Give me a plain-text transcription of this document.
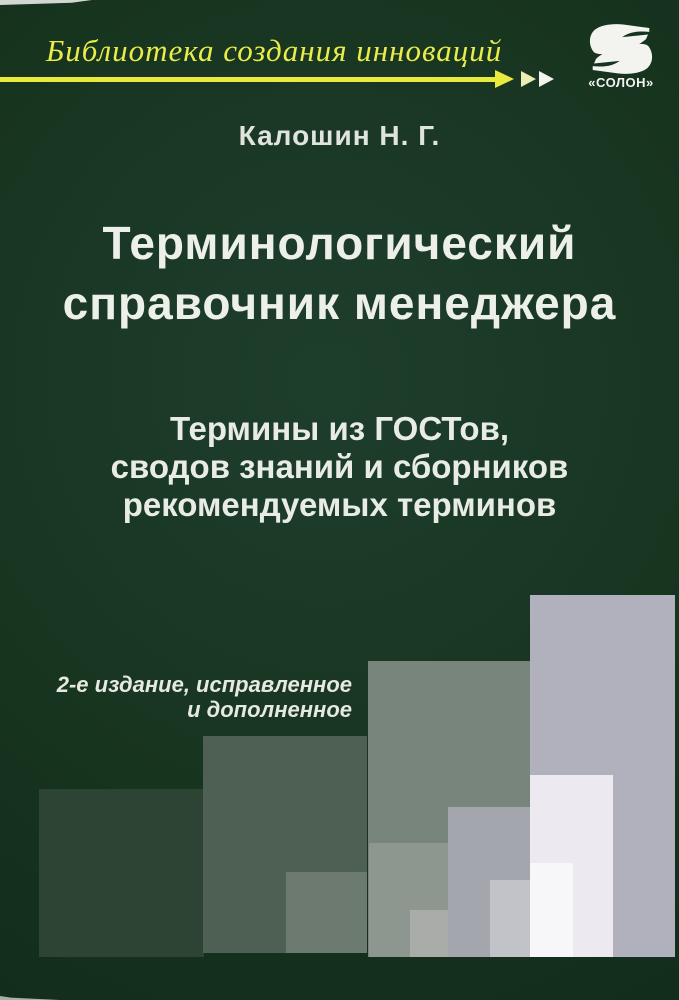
Библиотека создания инноваций
«СОЛОН»
Калошин Н. Г.
Терминологический
справочник менеджера
Термины из ГОСТов,
сводов знаний и сборников
рекомендуемых терминов
2-е издание, исправленное
и дополненное
